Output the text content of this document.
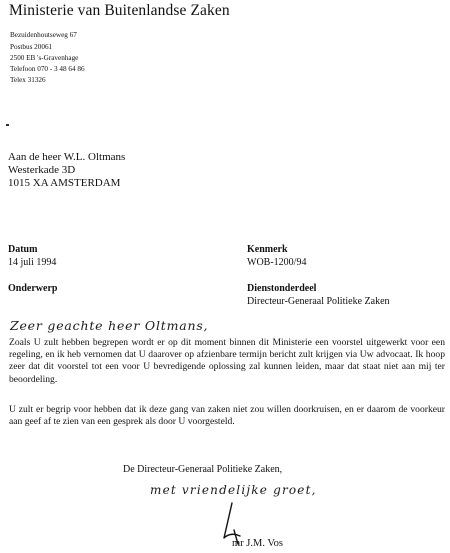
Ministerie van Buitenlandse Zaken
Bezuidenhoutseweg 67
Postbus 20061
2500 EB 's-Gravenhage
Telefoon 070 - 3 48 64 86
Telex 31326
Aan de heer W.L. Oltmans
Westerkade 3D
1015 XA AMSTERDAM
Datum
14 juli 1994
Kenmerk
WOB-1200/94
Onderwerp	Dienstonderdeel
Directeur-Generaal Politieke Zaken
Zeer geachte heer Oltmans,
Zoals U zult hebben begrepen wordt er op dit moment binnen dit Ministerie een voorstel uitgewerkt voor een regeling, en ik heb vernomen dat U daarover op afzienbare termijn bericht zult krijgen via Uw advocaat. Ik hoop zeer dat dit voorstel tot een voor U bevredigende oplossing zal kunnen leiden, maar dat staat niet aan mij ter beoordeling.
U zult er begrip voor hebben dat ik deze gang van zaken niet zou willen doorkruisen, en er daarom de voorkeur aan geef af te zien van een gesprek als door U voorgesteld.
De Directeur-Generaal Politieke Zaken,
met vriendelijke groet,
mr J.M. Vos
